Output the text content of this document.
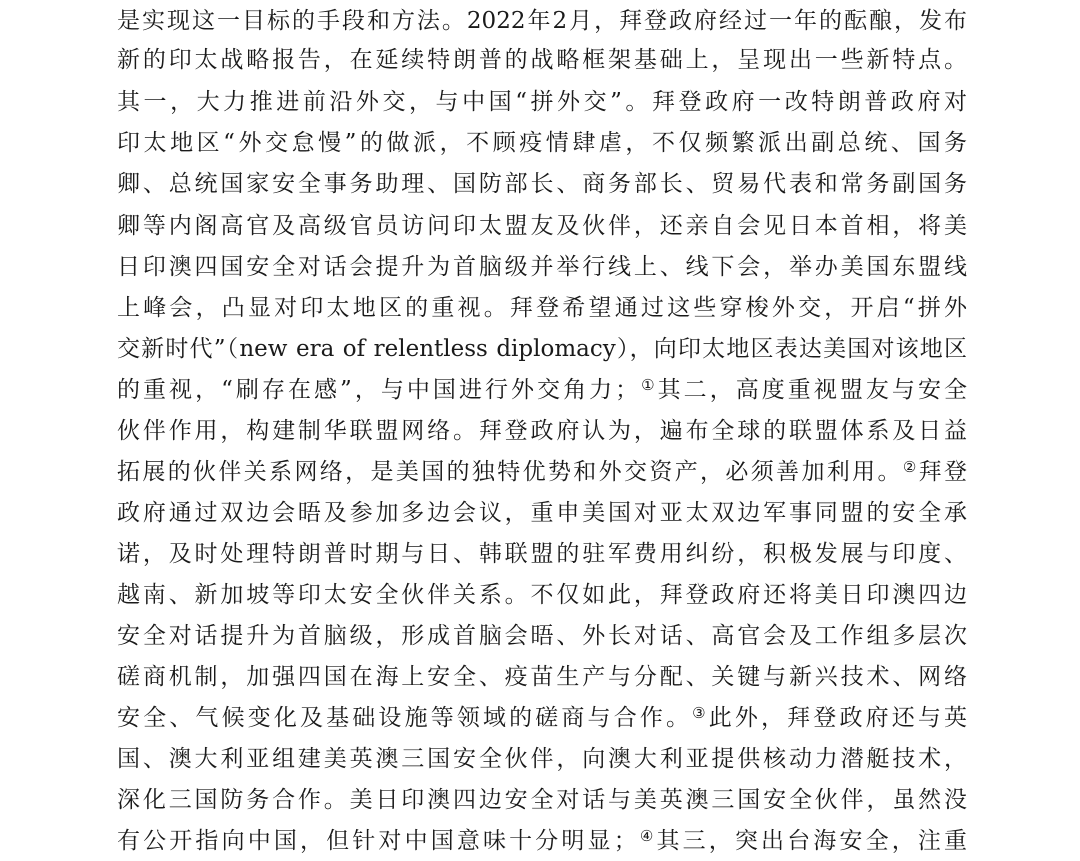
是实现这一目标的手段和方法。2022年2月，拜登政府经过一年的酝酿，发布
新的印太战略报告，在延续特朗普的战略框架基础上，呈现出一些新特点。
其一，大力推进前沿外交，与中国“拼外交”。拜登政府一改特朗普政府对
印太地区“外交怠慢”的做派，不顾疫情肆虐，不仅频繁派出副总统、国务
卿、总统国家安全事务助理、国防部长、商务部长、贸易代表和常务副国务
卿等内阁高官及高级官员访问印太盟友及伙伴，还亲自会见日本首相，将美
日印澳四国安全对话会提升为首脑级并举行线上、线下会，举办美国东盟线
上峰会，凸显对印太地区的重视。拜登希望通过这些穿梭外交，开启“拼外
交新时代”（new era of relentless diplomacy），向印太地区表达美国对该地区
的重视，“刷存在感”，与中国进行外交角力；①其二，高度重视盟友与安全
伙伴作用，构建制华联盟网络。拜登政府认为，遍布全球的联盟体系及日益
拓展的伙伴关系网络，是美国的独特优势和外交资产，必须善加利用。②拜登
政府通过双边会晤及参加多边会议，重申美国对亚太双边军事同盟的安全承
诺，及时处理特朗普时期与日、韩联盟的驻军费用纠纷，积极发展与印度、
越南、新加坡等印太安全伙伴关系。不仅如此，拜登政府还将美日印澳四边
安全对话提升为首脑级，形成首脑会晤、外长对话、高官会及工作组多层次
磋商机制，加强四国在海上安全、疫苗生产与分配、关键与新兴技术、网络
安全、气候变化及基础设施等领域的磋商与合作。③此外，拜登政府还与英
国、澳大利亚组建美英澳三国安全伙伴，向澳大利亚提供核动力潜艇技术，
深化三国防务合作。美日印澳四边安全对话与美英澳三国安全伙伴，虽然没
有公开指向中国，但针对中国意味十分明显；④其三，突出台海安全，注重
